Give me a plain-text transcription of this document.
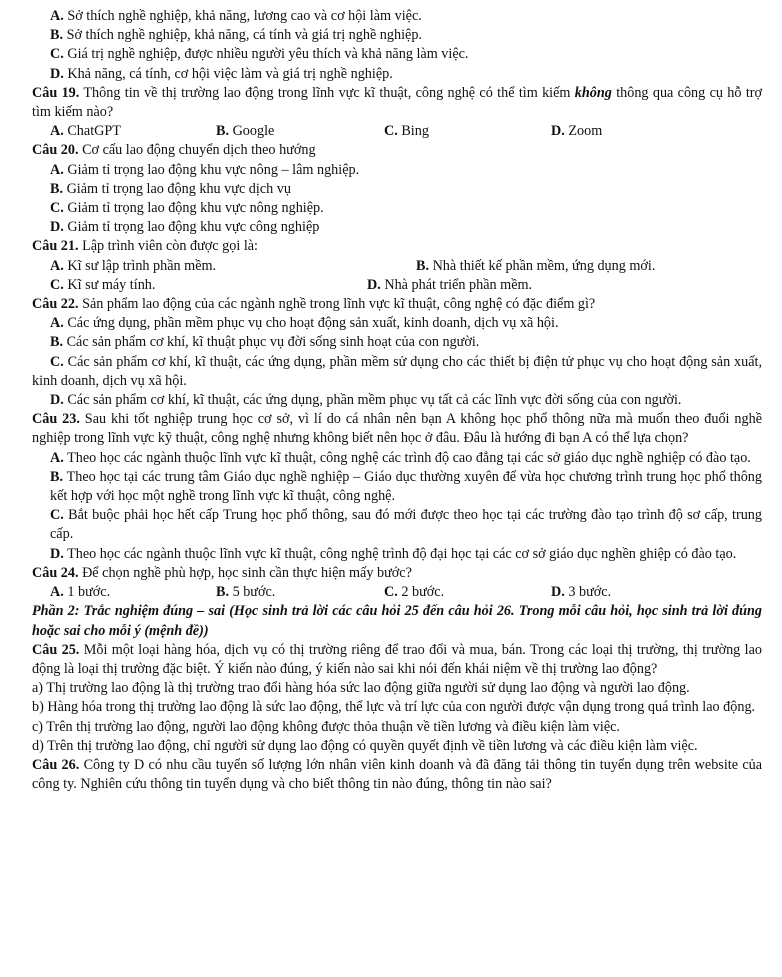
A. Sở thích nghề nghiệp, khả năng, lương cao và cơ hội làm việc.
B. Sở thích nghề nghiệp, khả năng, cá tính và giá trị nghề nghiệp.
C. Giá trị nghề nghiệp, được nhiều người yêu thích và khả năng làm việc.
D. Khả năng, cá tính, cơ hội việc làm và giá trị nghề nghiệp.
Câu 19. Thông tin về thị trường lao động trong lĩnh vực kĩ thuật, công nghệ có thể tìm kiếm không thông qua công cụ hỗ trợ tìm kiếm nào?
A. ChatGPT	B. Google	C. Bing	D. Zoom
Câu 20. Cơ cấu lao động chuyển dịch theo hướng
A. Giảm tỉ trọng lao động khu vực nông – lâm nghiệp.
B. Giảm tỉ trọng lao động khu vực dịch vụ
C. Giảm tỉ trọng lao động khu vực nông nghiệp.
D. Giảm tỉ trọng lao động khu vực công nghiệp
Câu 21. Lập trình viên còn được gọi là:
A. Kĩ sư lập trình phần mềm.	B. Nhà thiết kế phần mềm, ứng dụng mới.
C. Kĩ sư máy tính.	D. Nhà phát triển phần mềm.
Câu 22. Sản phẩm lao động của các ngành nghề trong lĩnh vực kĩ thuật, công nghệ có đặc điểm gì?
A. Các ứng dụng, phần mềm phục vụ cho hoạt động sản xuất, kinh doanh, dịch vụ xã hội.
B. Các sản phẩm cơ khí, kĩ thuật phục vụ đời sống sinh hoạt của con người.
C. Các sản phẩm cơ khí, kĩ thuật, các ứng dụng, phần mềm sử dụng cho các thiết bị điện tử phục vụ cho hoạt động sản xuất, kinh doanh, dịch vụ xã hội.
D. Các sản phẩm cơ khí, kĩ thuật, các ứng dụng, phần mềm phục vụ tất cả các lĩnh vực đời sống của con người.
Câu 23. Sau khi tốt nghiệp trung học cơ sở, vì lí do cá nhân nên bạn A không học phổ thông nữa mà muốn theo đuổi nghề nghiệp trong lĩnh vực kỹ thuật, công nghệ nhưng không biết nên học ở đâu. Đâu là hướng đi bạn A có thể lựa chọn?
A. Theo học các ngành thuộc lĩnh vực kĩ thuật, công nghệ các trình độ cao đẳng tại các sở giáo dục nghề nghiệp có đào tạo.
B. Theo học tại các trung tâm Giáo dục nghề nghiệp – Giáo dục thường xuyên để vừa học chương trình trung học phổ thông kết hợp với học một nghề trong lĩnh vực kĩ thuật, công nghệ.
C. Bắt buộc phải học hết cấp Trung học phổ thông, sau đó mới được theo học tại các trường đào tạo trình độ sơ cấp, trung cấp.
D. Theo học các ngành thuộc lĩnh vực kĩ thuật, công nghệ trình độ đại học tại các cơ sở giáo dục nghền ghiệp có đào tạo.
Câu 24. Để chọn nghề phù hợp, học sinh cần thực hiện mấy bước?
A. 1 bước.	B. 5 bước.	C. 2 bước.	D. 3 bước.
Phần 2: Trắc nghiệm đúng – sai (Học sinh trả lời các câu hỏi 25 đến câu hỏi 26. Trong mỗi câu hỏi, học sinh trả lời đúng hoặc sai cho mỗi ý (mệnh đề))
Câu 25. Mỗi một loại hàng hóa, dịch vụ có thị trường riêng để trao đổi và mua, bán. Trong các loại thị trường, thị trường lao động là loại thị trường đặc biệt. Ý kiến nào đúng, ý kiến nào sai khi nói đến khái niệm về thị trường lao động?
a) Thị trường lao động là thị trường trao đổi hàng hóa sức lao động giữa người sử dụng lao động và người lao động.
b) Hàng hóa trong thị trường lao động là sức lao động, thể lực và trí lực của con người được vận dụng trong quá trình lao động.
c) Trên thị trường lao động, người lao động không được thỏa thuận về tiền lương và điều kiện làm việc.
d) Trên thị trường lao động, chỉ người sử dụng lao động có quyền quyết định về tiền lương và các điều kiện làm việc.
Câu 26. Công ty D có nhu cầu tuyển số lượng lớn nhân viên kinh doanh và đã đăng tải thông tin tuyển dụng trên website của công ty. Nghiên cứu thông tin tuyển dụng và cho biết thông tin nào đúng, thông tin nào sai?
